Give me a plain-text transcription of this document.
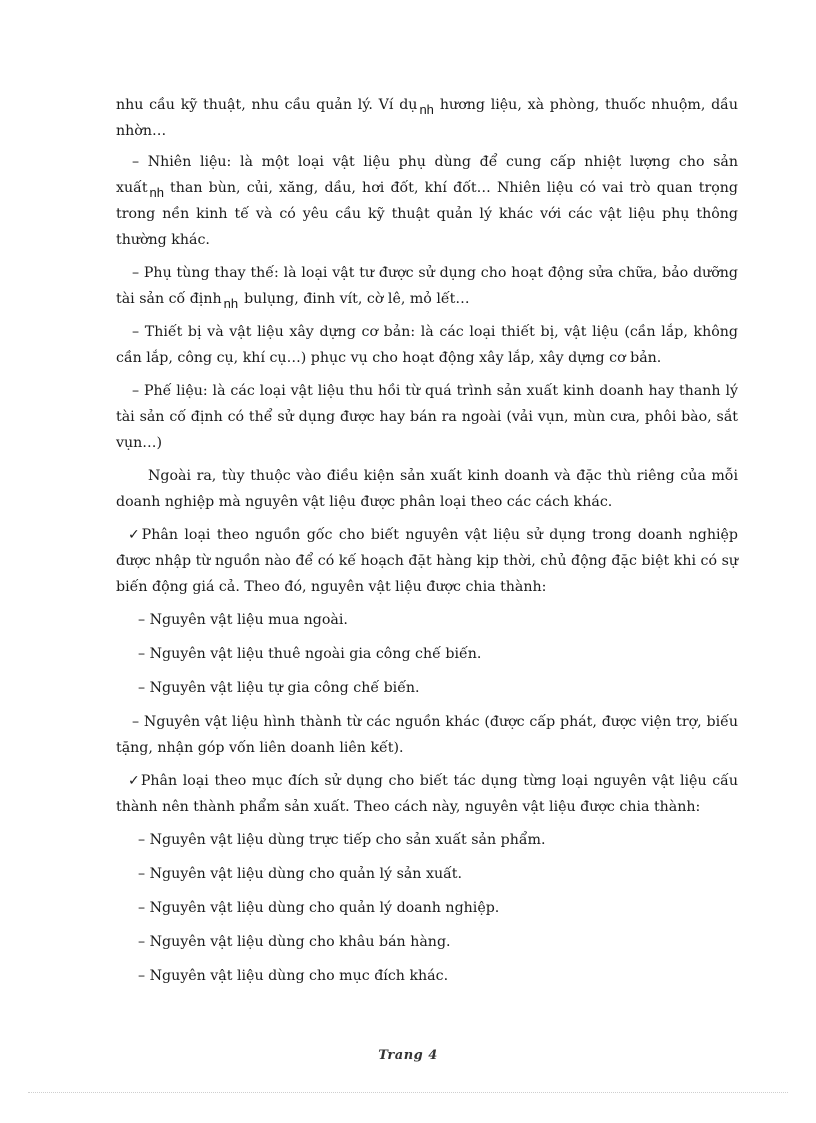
nhu cầu kỹ thuật, nhu cầu quản lý. Ví dụ nh hương liệu, xà phòng, thuốc nhuộm, dầu nhờn…

– Nhiên liệu: là một loại vật liệu phụ dùng để cung cấp nhiệt lượng cho sản xuất nh than bùn, củi, xăng, dầu, hơi đốt, khí đốt… Nhiên liệu có vai trò quan trọng trong nền kinh tế và có yêu cầu kỹ thuật quản lý khác với các vật liệu phụ thông thường khác.

– Phụ tùng thay thế: là loại vật tư được sử dụng cho hoạt động sửa chữa, bảo dưỡng tài sản cố định nh bulụng, đinh vít, cờ lê, mỏ lết…

– Thiết bị và vật liệu xây dựng cơ bản: là các loại thiết bị, vật liệu (cần lắp, không cần lắp, công cụ, khí cụ…) phục vụ cho hoạt động xây lắp, xây dựng cơ bản.

– Phế liệu: là các loại vật liệu thu hồi từ quá trình sản xuất kinh doanh hay thanh lý tài sản cố định có thể sử dụng được hay bán ra ngoài (vải vụn, mùn cưa, phôi bào, sắt vụn…)

Ngoài ra, tùy thuộc vào điều kiện sản xuất kinh doanh và đặc thù riêng của mỗi doanh nghiệp mà nguyên vật liệu được phân loại theo các cách khác.

✓Phân loại theo nguồn gốc cho biết nguyên vật liệu sử dụng trong doanh nghiệp được nhập từ nguồn nào để có kế hoạch đặt hàng kịp thời, chủ động đặc biệt khi có sự biến động giá cả. Theo đó, nguyên vật liệu được chia thành:

– Nguyên vật liệu mua ngoài.

– Nguyên vật liệu thuê ngoài gia công chế biến.

– Nguyên vật liệu tự gia công chế biến.

– Nguyên vật liệu hình thành từ các nguồn khác (được cấp phát, được viện trợ, biếu tặng, nhận góp vốn liên doanh liên kết).

✓Phân loại theo mục đích sử dụng cho biết tác dụng từng loại nguyên vật liệu cấu thành nên thành phẩm sản xuất. Theo cách này, nguyên vật liệu được chia thành:

– Nguyên vật liệu dùng trực tiếp cho sản xuất sản phẩm.

– Nguyên vật liệu dùng cho quản lý sản xuất.

– Nguyên vật liệu dùng cho quản lý doanh nghiệp.

– Nguyên vật liệu dùng cho khâu bán hàng.

– Nguyên vật liệu dùng cho mục đích khác.

Trang 4
